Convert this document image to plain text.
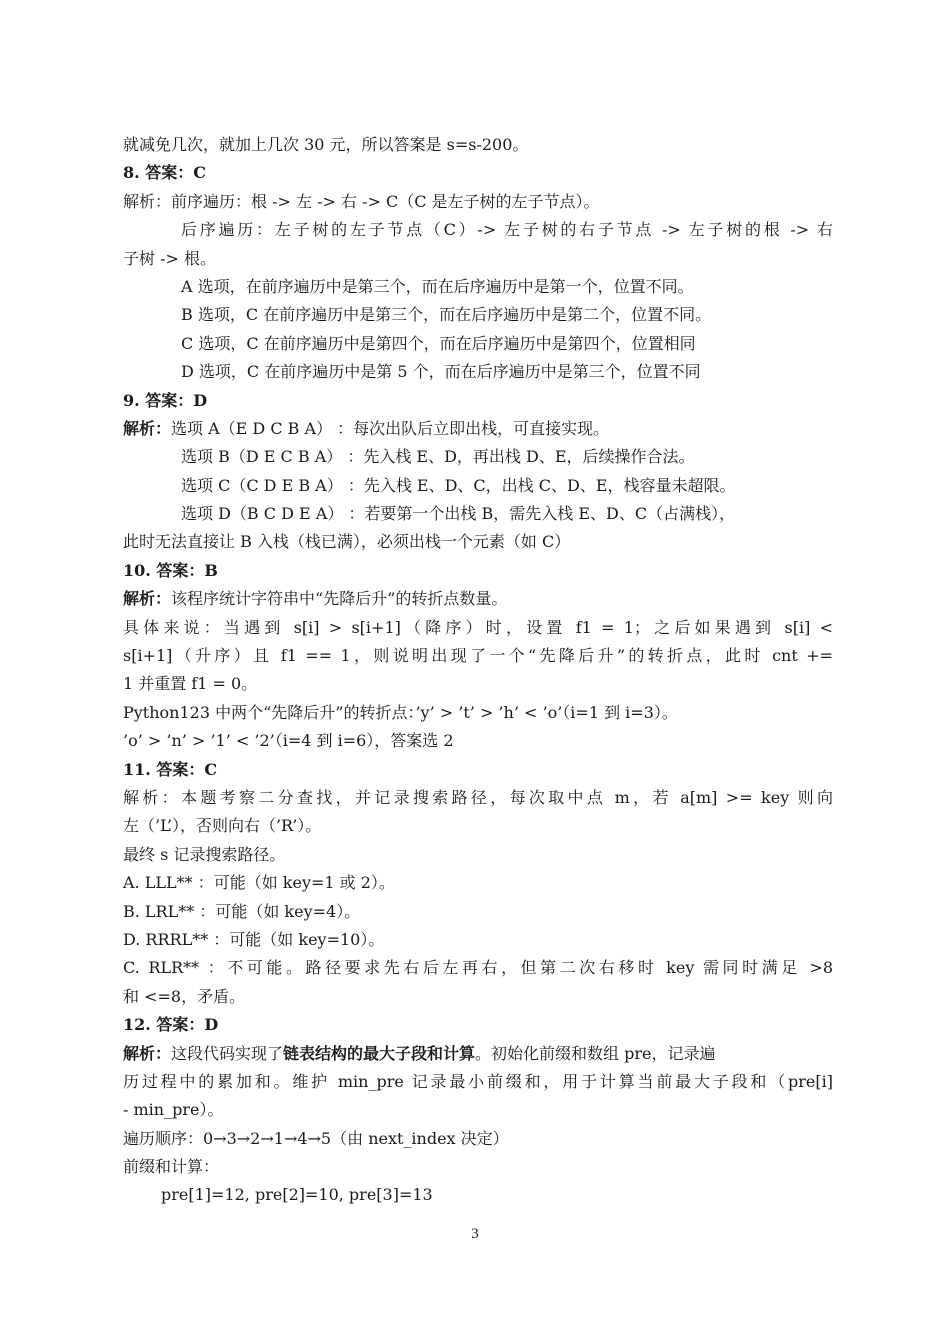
就减免几次，就加上几次 30 元，所以答案是 s=s-200。
8. 答案：C
解析：前序遍历：根 -> 左 -> 右 -> C（C 是左子树的左子节点）。
后序遍历：左子树的左子节点（C）-> 左子树的右子节点 -> 左子树的根 -> 右
子树 -> 根。
A 选项，在前序遍历中是第三个，而在后序遍历中是第一个，位置不同。
B 选项，C 在前序遍历中是第三个，而在后序遍历中是第二个，位置不同。
C 选项，C 在前序遍历中是第四个，而在后序遍历中是第四个，位置相同
D 选项，C 在前序遍历中是第 5 个，而在后序遍历中是第三个，位置不同
9. 答案：D
解析：选项 A（E D C B A） ：每次出队后立即出栈，可直接实现。
选项 B（D E C B A） ：先入栈 E、D，再出栈 D、E，后续操作合法。
选项 C（C D E B A） ：先入栈 E、D、C，出栈 C、D、E，栈容量未超限。
选项 D（B C D E A） ：若要第一个出栈 B，需先入栈 E、D、C（占满栈），
此时无法直接让 B 入栈（栈已满），必须出栈一个元素（如 C）
10. 答案：B
解析：该程序统计字符串中“先降后升”的转折点数量。
具体来说：当遇到 s[i] > s[i+1]（降序）时，设置 f1 = 1；之后如果遇到 s[i] <
s[i+1]（升序）且 f1 == 1，则说明出现了一个“先降后升”的转折点，此时 cnt +=
1 并重置 f1 = 0。
Python123 中两个“先降后升”的转折点：’y’ > ’t’ > ’h’ < ’o’（i=1 到 i=3）。
’o’ > ’n’ > ’1’ < ’2’（i=4 到 i=6），答案选 2
11. 答案：C
解析：本题考察二分查找，并记录搜索路径，每次取中点 m，若 a[m] >= key 则向
左（’L’），否则向右（’R’）。
最终 s 记录搜索路径。
A. LLL** ：可能（如 key=1 或 2）。
B. LRL** ：可能（如 key=4）。
D. RRRL** ：可能（如 key=10）。
C. RLR** ：不可能。路径要求先右后左再右，但第二次右移时 key 需同时满足 >8
和 <=8，矛盾。
12. 答案：D
解析：这段代码实现了链表结构的最大子段和计算。初始化前缀和数组 pre，记录遍
历过程中的累加和。维护 min_pre 记录最小前缀和，用于计算当前最大子段和（pre[i]
- min_pre）。
遍历顺序：0→3→2→1→4→5（由 next_index 决定）
前缀和计算：
pre[1]=12, pre[2]=10, pre[3]=13
3
